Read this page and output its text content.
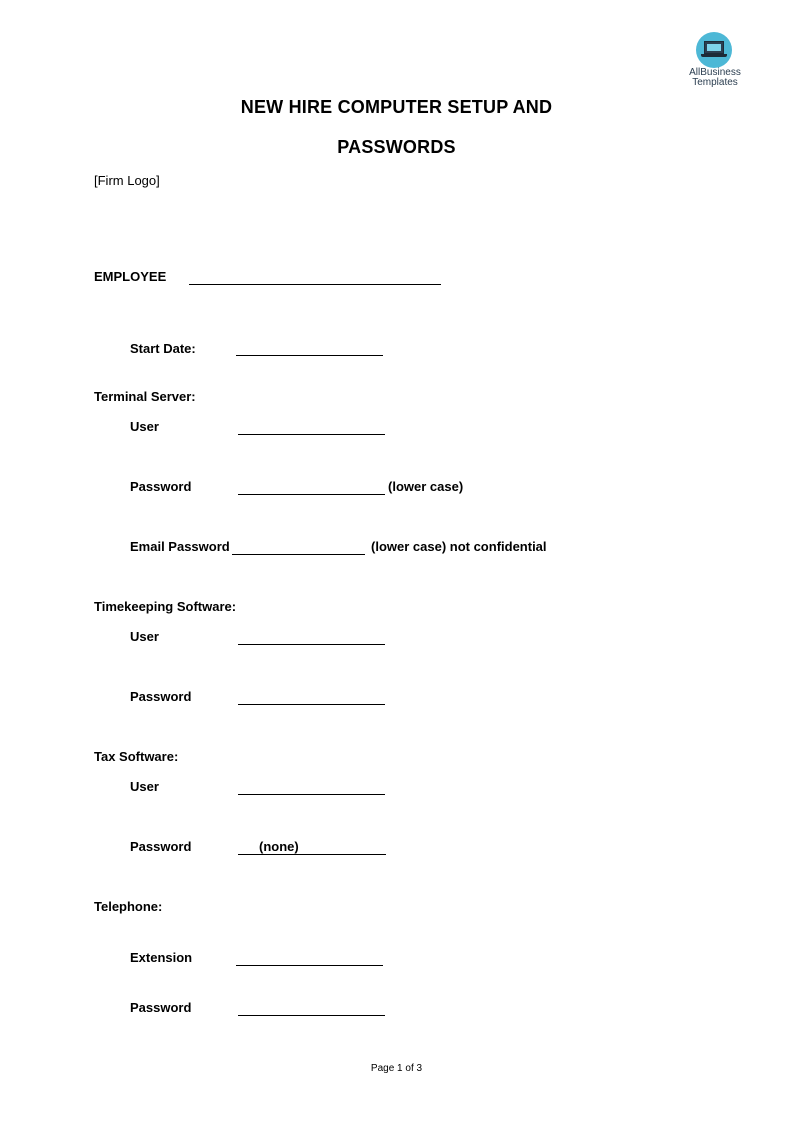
AllBusiness
Templates
NEW HIRE COMPUTER SETUP AND
PASSWORDS
[Firm Logo]
EMPLOYEE
Start Date:
Terminal Server:
User
Password	(lower case)
Email Password	(lower case) not confidential
Timekeeping Software:
User
Password
Tax Software:
User
Password	(none)
Telephone:
Extension
Password
Page 1 of 3
